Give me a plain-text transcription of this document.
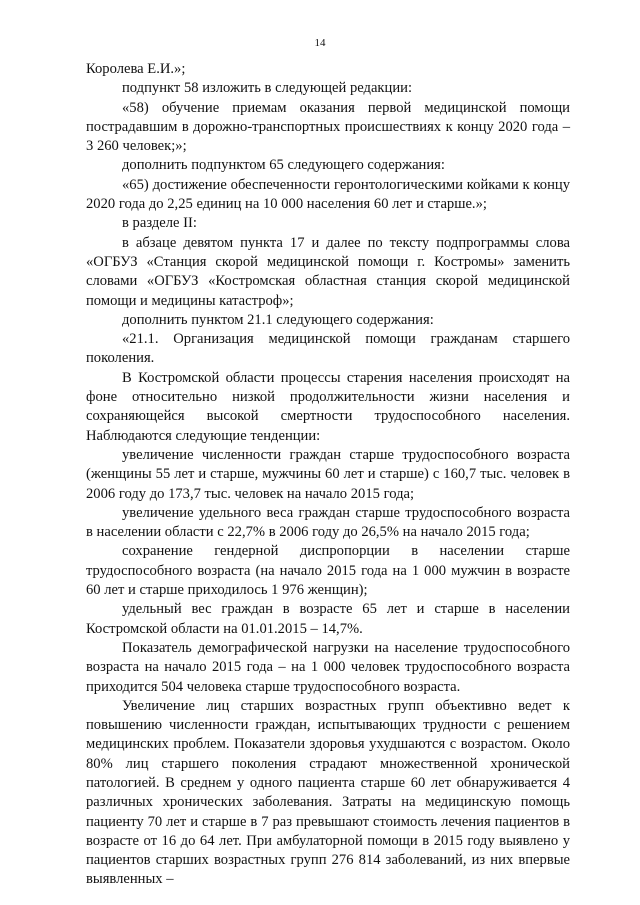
14

Королева Е.И.»;

подпункт 58 изложить в следующей редакции:

«58) обучение приемам оказания первой медицинской помощи пострадавшим в дорожно-транспортных происшествиях к концу 2020 года – 3 260 человек;»;

дополнить подпунктом 65 следующего содержания:

«65) достижение обеспеченности геронтологическими койками к концу 2020 года до 2,25 единиц на 10 000 населения 60 лет и старше.»;

в разделе II:

в абзаце девятом пункта 17 и далее по тексту подпрограммы слова «ОГБУЗ «Станция скорой медицинской помощи г. Костромы» заменить словами «ОГБУЗ «Костромская областная станция скорой медицинской помощи и медицины катастроф»;

дополнить пунктом 21.1 следующего содержания:

«21.1. Организация медицинской помощи гражданам старшего поколения.

В Костромской области процессы старения населения происходят на фоне относительно низкой продолжительности жизни населения и сохраняющейся высокой смертности трудоспособного населения. Наблюдаются следующие тенденции:

увеличение численности граждан старше трудоспособного возраста (женщины 55 лет и старше, мужчины 60 лет и старше) с 160,7 тыс. человек в 2006 году до 173,7 тыс. человек на начало 2015 года;

увеличение удельного веса граждан старше трудоспособного возраста в населении области с 22,7% в 2006 году до 26,5% на начало 2015 года;

сохранение гендерной диспропорции в населении старше трудоспособного возраста (на начало 2015 года на 1 000 мужчин в возрасте 60 лет и старше приходилось 1 976 женщин);

удельный вес граждан в возрасте 65 лет и старше в населении Костромской области на 01.01.2015 – 14,7%.

Показатель демографической нагрузки на население трудоспособного возраста на начало 2015 года – на 1 000 человек трудоспособного возраста приходится 504 человека старше трудоспособного возраста.

Увеличение лиц старших возрастных групп объективно ведет к повышению численности граждан, испытывающих трудности с решением медицинских проблем. Показатели здоровья ухудшаются с возрастом. Около 80% лиц старшего поколения страдают множественной хронической патологией. В среднем у одного пациента старше 60 лет обнаруживается 4 различных хронических заболевания. Затраты на медицинскую помощь пациенту 70 лет и старше в 7 раз превышают стоимость лечения пациентов в возрасте от 16 до 64 лет. При амбулаторной помощи в 2015 году выявлено у пациентов старших возрастных групп 276 814 заболеваний, из них впервые выявленных –
